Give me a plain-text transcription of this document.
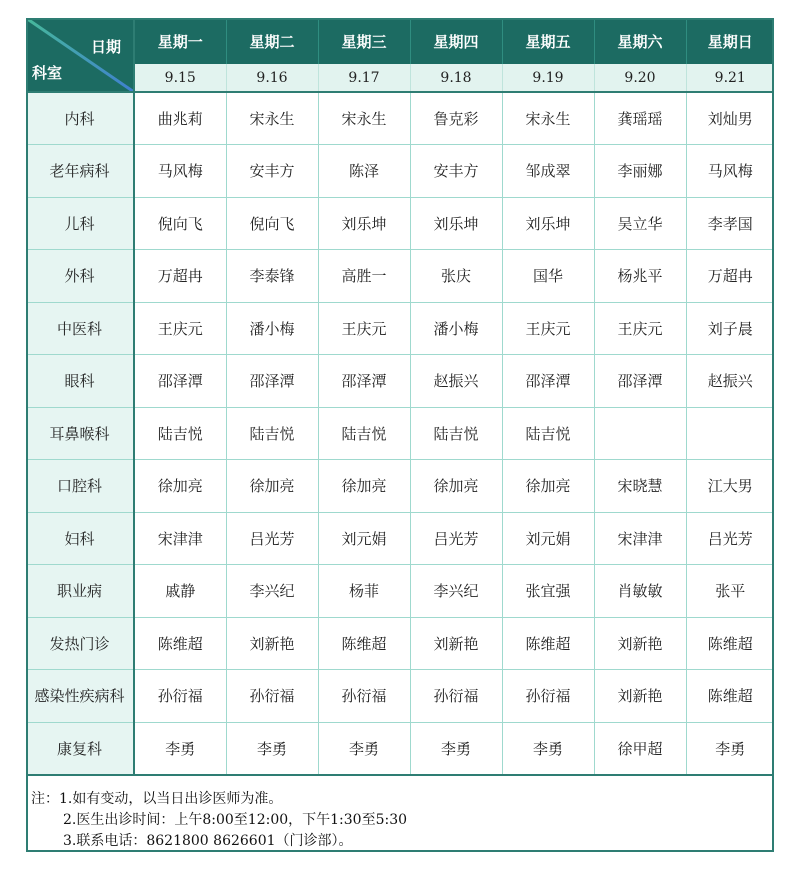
日期
科室	星期一	星期二	星期三	星期四	星期五	星期六	星期日
	9.15	9.16	9.17	9.18	9.19	9.20	9.21
内科	曲兆莉	宋永生	宋永生	鲁克彩	宋永生	龚瑶瑶	刘灿男
老年病科	马风梅	安丰方	陈泽	安丰方	邹成翠	李丽娜	马风梅
儿科	倪向飞	倪向飞	刘乐坤	刘乐坤	刘乐坤	吴立华	李孝国
外科	万超冉	李泰锋	高胜一	张庆	国华	杨兆平	万超冉
中医科	王庆元	潘小梅	王庆元	潘小梅	王庆元	王庆元	刘子晨
眼科	邵泽潭	邵泽潭	邵泽潭	赵振兴	邵泽潭	邵泽潭	赵振兴
耳鼻喉科	陆吉悦	陆吉悦	陆吉悦	陆吉悦	陆吉悦		
口腔科	徐加亮	徐加亮	徐加亮	徐加亮	徐加亮	宋晓慧	江大男
妇科	宋津津	吕光芳	刘元娟	吕光芳	刘元娟	宋津津	吕光芳
职业病	戚静	李兴纪	杨菲	李兴纪	张宜强	肖敏敏	张平
发热门诊	陈维超	刘新艳	陈维超	刘新艳	陈维超	刘新艳	陈维超
感染性疾病科	孙衍福	孙衍福	孙衍福	孙衍福	孙衍福	刘新艳	陈维超
康复科	李勇	李勇	李勇	李勇	李勇	徐甲超	李勇
注：1.如有变动，以当日出诊医师为准。
2.医生出诊时间：上午8:00至12:00，下午1:30至5:30
3.联系电话：8621800 8626601（门诊部）。
